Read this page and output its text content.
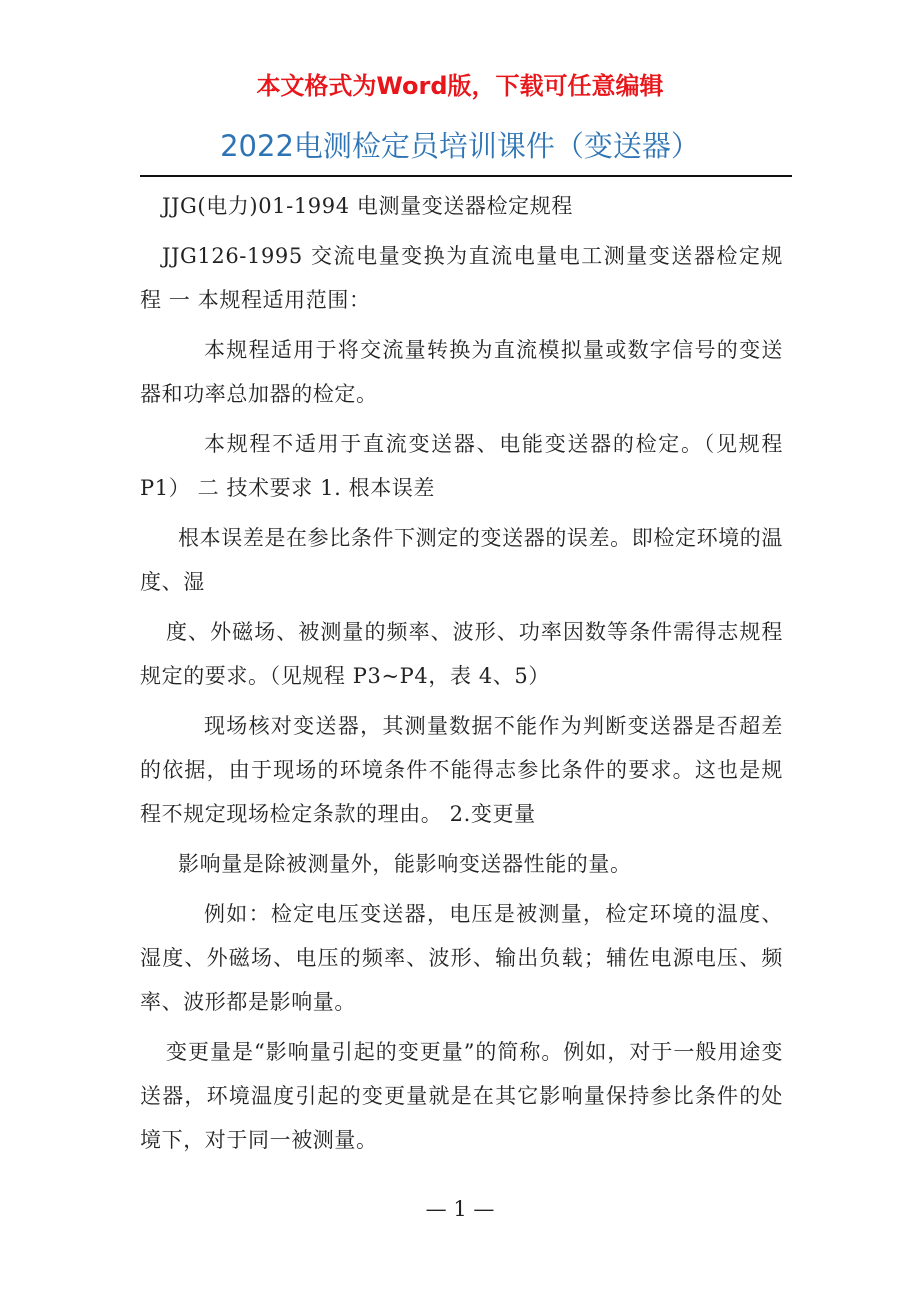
本文格式为Word版，下载可任意编辑
2022电测检定员培训课件（变送器）

JJG(电力)01-1994 电测量变送器检定规程

JJG126-1995 交流电量变换为直流电量电工测量变送器检定规程 一 本规程适用范围：

本规程适用于将交流量转换为直流模拟量或数字信号的变送器和功率总加器的检定。

本规程不适用于直流变送器、电能变送器的检定。（见规程 P1） 二 技术要求 1. 根本误差

根本误差是在参比条件下测定的变送器的误差。即检定环境的温度、湿

度、外磁场、被测量的频率、波形、功率因数等条件需得志规程规定的要求。（见规程 P3~P4，表 4、5）

现场核对变送器，其测量数据不能作为判断变送器是否超差的依据，由于现场的环境条件不能得志参比条件的要求。这也是规程不规定现场检定条款的理由。 2.变更量

影响量是除被测量外，能影响变送器性能的量。

例如：检定电压变送器，电压是被测量，检定环境的温度、湿度、外磁场、电压的频率、波形、输出负载；辅佐电源电压、频率、波形都是影响量。

变更量是“影响量引起的变更量”的简称。例如，对于一般用途变送器，环境温度引起的变更量就是在其它影响量保持参比条件的处境下，对于同一被测量。

— 1 —
